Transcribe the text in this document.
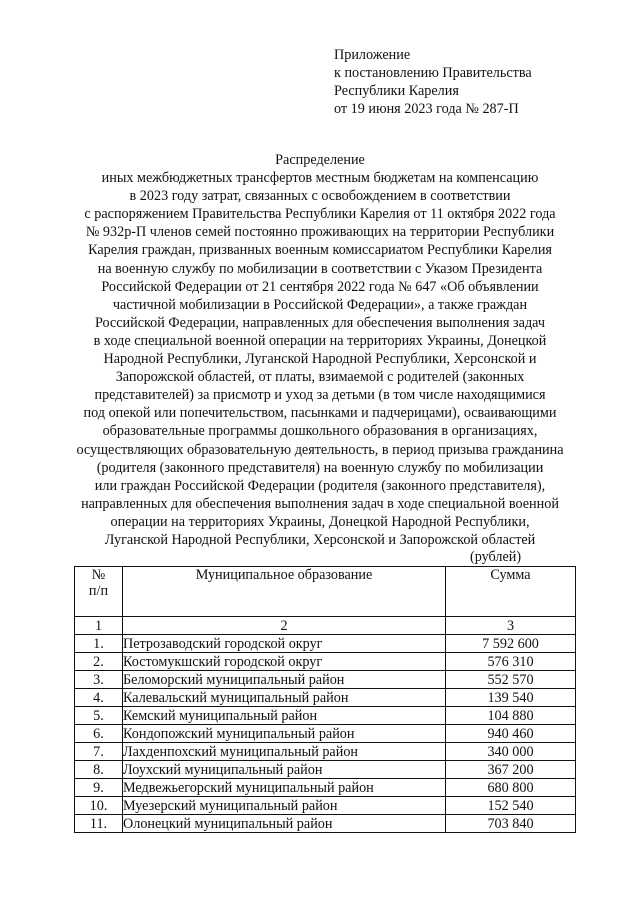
Приложение
к постановлению Правительства
Республики Карелия
от 19 июня 2023 года № 287-П
Распределение
иных межбюджетных трансфертов местным бюджетам на компенсацию
в 2023 году затрат, связанных с освобождением в соответствии
с распоряжением Правительства Республики Карелия от 11 октября 2022 года
№ 932р-П членов семей постоянно проживающих на территории Республики
Карелия граждан, призванных военным комиссариатом Республики Карелия
на военную службу по мобилизации в соответствии с Указом Президента
Российской Федерации от 21 сентября 2022 года № 647 «Об объявлении
частичной мобилизации в Российской Федерации», а также граждан
Российской Федерации, направленных для обеспечения выполнения задач
в ходе специальной военной операции на территориях Украины, Донецкой
Народной Республики, Луганской Народной Республики, Херсонской и
Запорожской областей, от платы, взимаемой с родителей (законных
представителей) за присмотр и уход за детьми (в том числе находящимися
под опекой или попечительством, пасынками и падчерицами), осваивающими
образовательные программы дошкольного образования в организациях,
осуществляющих образовательную деятельность, в период призыва гражданина
(родителя (законного представителя) на военную службу по мобилизации
или граждан Российской Федерации (родителя (законного представителя),
направленных для обеспечения выполнения задач в ходе специальной военной
операции на территориях Украины, Донецкой Народной Республики,
Луганской Народной Республики, Херсонской и Запорожской областей
(рублей)
№
п/п	Муниципальное образование	Сумма
1	2	3
1.	Петрозаводский городской округ	7 592 600
2.	Костомукшский городской округ	576 310
3.	Беломорский муниципальный район	552 570
4.	Калевальский муниципальный район	139 540
5.	Кемский муниципальный район	104 880
6.	Кондопожский муниципальный район	940 460
7.	Лахденпохский муниципальный район	340 000
8.	Лоухский муниципальный район	367 200
9.	Медвежьегорский муниципальный район	680 800
10.	Муезерский муниципальный район	152 540
11.	Олонецкий муниципальный район	703 840
